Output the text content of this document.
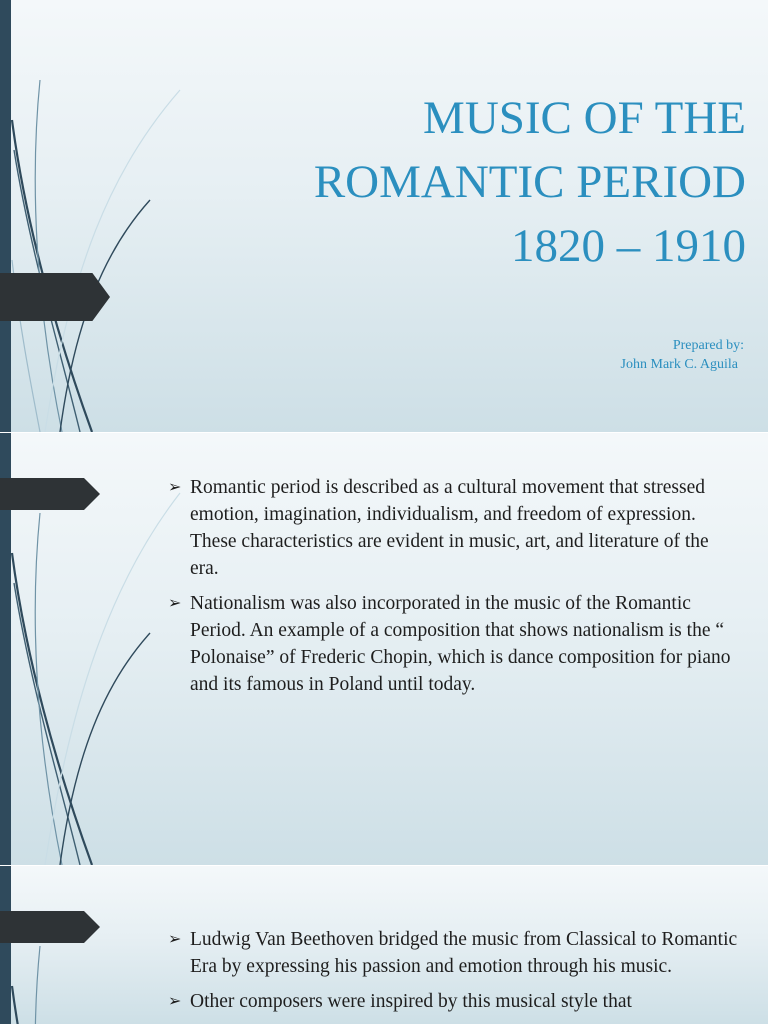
MUSIC OF THE
ROMANTIC PERIOD
1820 – 1910
Prepared by:
John Mark C. Aguila
➢ Romantic period is described as a cultural movement that stressed emotion, imagination, individualism, and freedom of expression. These characteristics are evident in music, art, and literature of the era.
➢ Nationalism was also incorporated in the music of the Romantic Period. An example of a composition that shows nationalism is the “ Polonaise” of Frederic Chopin, which is dance composition for piano and its famous in Poland until today.
➢ Ludwig Van Beethoven bridged the music from Classical to Romantic Era by expressing his passion and emotion through his music.
➢ Other composers were inspired by this musical style that
